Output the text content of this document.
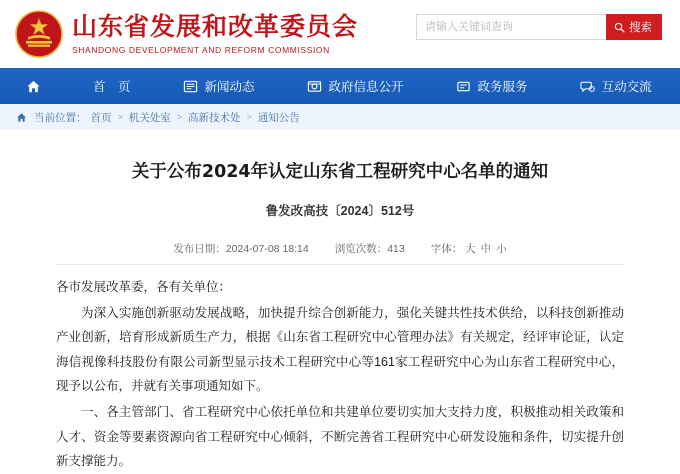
山东省发展和改革委员会
SHANDONG DEVELOPMENT AND REFORM COMMISSION
请输入关键词查询
搜索
首　页	新闻动态	政府信息公开	政务服务	互动交流
当前位置： 首页 > 机关处室 > 高新技术处 > 通知公告
关于公布2024年认定山东省工程研究中心名单的通知
鲁发改高技〔2024〕512号
发布日期：2024-07-08 18:14 浏览次数：413 字体： 大 中 小

各市发展改革委，各有关单位：

为深入实施创新驱动发展战略，加快提升综合创新能力，强化关键共性技术供给，以科技创新推动产业创新，培育形成新质生产力，根据《山东省工程研究中心管理办法》有关规定，经评审论证，认定海信视像科技股份有限公司新型显示技术工程研究中心等161家工程研究中心为山东省工程研究中心，现予以公布，并就有关事项通知如下。

一、各主管部门、省工程研究中心依托单位和共建单位要切实加大支持力度，积极推动相关政策和人才、资金等要素资源向省工程研究中心倾斜，不断完善省工程研究中心研发设施和条件，切实提升创新支撑能力。
